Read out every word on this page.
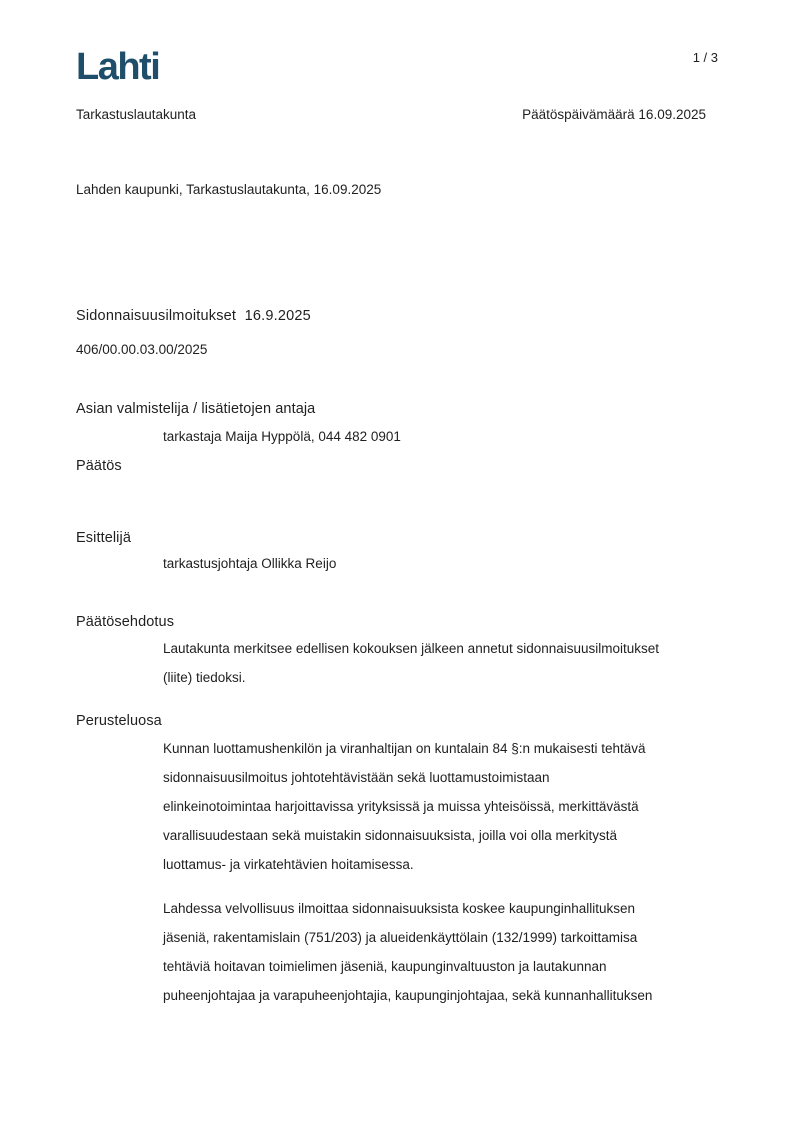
Lahti	1 / 3
Tarkastuslautakunta	Päätöspäivämäärä 16.09.2025
Lahden kaupunki, Tarkastuslautakunta, 16.09.2025
Sidonnaisuusilmoitukset  16.9.2025
406/00.00.03.00/2025
Asian valmistelija / lisätietojen antaja
tarkastaja Maija Hyppölä, 044 482 0901
Päätös
Esittelijä
tarkastusjohtaja Ollikka Reijo
Päätösehdotus
Lautakunta merkitsee edellisen kokouksen jälkeen annetut sidonnaisuusilmoitukset
(liite) tiedoksi.
Perusteluosa
Kunnan luottamushenkilön ja viranhaltijan on kuntalain 84 §:n mukaisesti tehtävä
sidonnaisuusilmoitus johtotehtävistään sekä luottamustoimistaan
elinkeinotoimintaa harjoittavissa yrityksissä ja muissa yhteisöissä, merkittävästä
varallisuudestaan sekä muistakin sidonnaisuuksista, joilla voi olla merkitystä
luottamus- ja virkatehtävien hoitamisessa.
Lahdessa velvollisuus ilmoittaa sidonnaisuuksista koskee kaupunginhallituksen
jäseniä, rakentamislain (751/203) ja alueidenkäyttölain (132/1999) tarkoittamisa
tehtäviä hoitavan toimielimen jäseniä, kaupunginvaltuuston ja lautakunnan
puheenjohtajaa ja varapuheenjohtajia, kaupunginjohtajaa, sekä kunnanhallituksen
